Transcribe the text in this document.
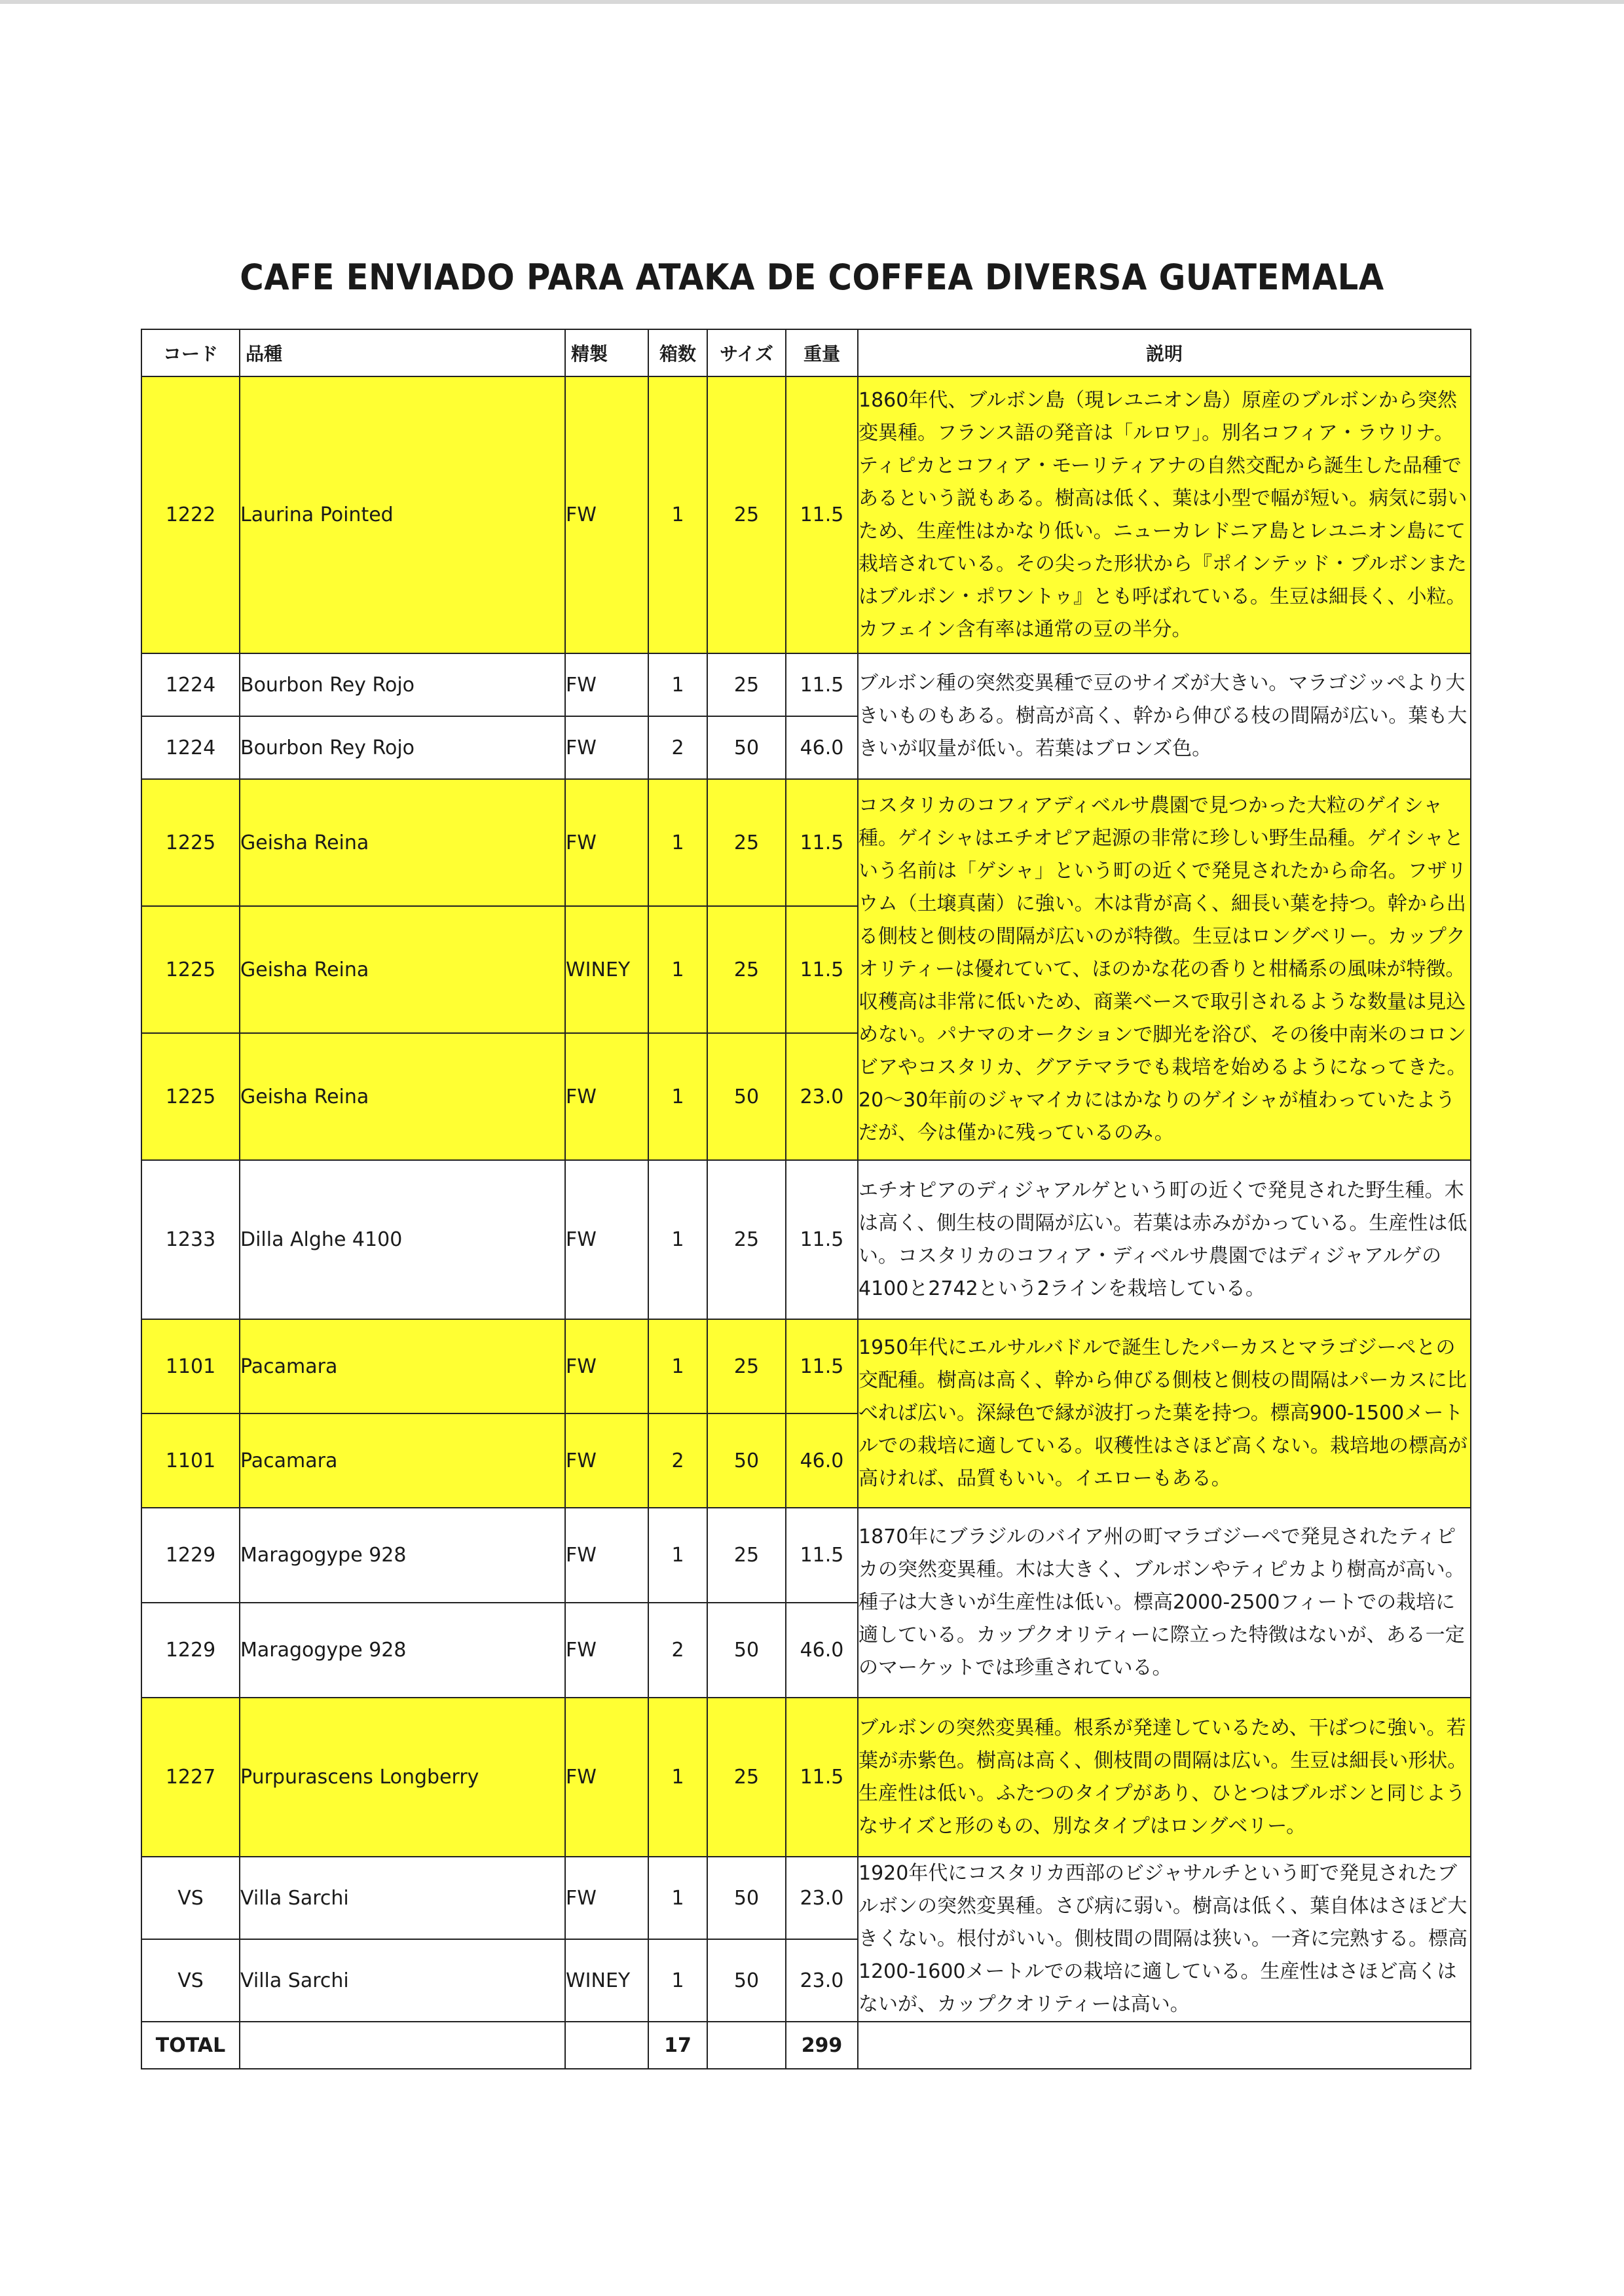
CAFE ENVIADO PARA ATAKA DE COFFEA DIVERSA GUATEMALA
コード	品種	精製	箱数	サイズ	重量	説明
1222	Laurina Pointed	FW	1	25	11.5	1860年代、ブルボン島（現レユニオン島）原産のブルボンから突然変異種。フランス語の発音は「ルロワ」。別名コフィア・ラウリナ。ティピカとコフィア・モーリティアナの自然交配から誕生した品種であるという説もある。樹高は低く、葉は小型で幅が短い。病気に弱いため、生産性はかなり低い。ニューカレドニア島とレユニオン島にて栽培されている。その尖った形状から『ポインテッド・ブルボンまたはブルボン・ポワントゥ』とも呼ばれている。生豆は細長く、小粒。カフェイン含有率は通常の豆の半分。
1224	Bourbon Rey Rojo	FW	1	25	11.5	ブルボン種の突然変異種で豆のサイズが大きい。マラゴジッペより大きいものもある。樹高が高く、幹から伸びる枝の間隔が広い。葉も大きいが収量が低い。若葉はブロンズ色。
1224	Bourbon Rey Rojo	FW	2	50	46.0	
1225	Geisha Reina	FW	1	25	11.5	コスタリカのコフィアディベルサ農園で見つかった大粒のゲイシャ種。ゲイシャはエチオピア起源の非常に珍しい野生品種。ゲイシャという名前は「ゲシャ」という町の近くで発見されたから命名。フザリウム（土壌真菌）に強い。木は背が高く、細長い葉を持つ。幹から出る側枝と側枝の間隔が広いのが特徴。生豆はロングベリー。カップクオリティーは優れていて、ほのかな花の香りと柑橘系の風味が特徴。収穫高は非常に低いため、商業ベースで取引されるような数量は見込めない。パナマのオークションで脚光を浴び、その後中南米のコロンビアやコスタリカ、グアテマラでも栽培を始めるようになってきた。20〜30年前のジャマイカにはかなりのゲイシャが植わっていたようだが、今は僅かに残っているのみ。
1225	Geisha Reina	WINEY	1	25	11.5	
1225	Geisha Reina	FW	1	50	23.0	
1233	Dilla Alghe 4100	FW	1	25	11.5	エチオピアのディジャアルゲという町の近くで発見された野生種。木は高く、側生枝の間隔が広い。若葉は赤みがかっている。生産性は低い。コスタリカのコフィア・ディベルサ農園ではディジャアルゲの4100と2742という2ラインを栽培している。
1101	Pacamara	FW	1	25	11.5	1950年代にエルサルバドルで誕生したパーカスとマラゴジーペとの交配種。樹高は高く、幹から伸びる側枝と側枝の間隔はパーカスに比べれば広い。深緑色で縁が波打った葉を持つ。標高900-1500メートルでの栽培に適している。収穫性はさほど高くない。栽培地の標高が高ければ、品質もいい。イエローもある。
1101	Pacamara	FW	2	50	46.0	
1229	Maragogype 928	FW	1	25	11.5	1870年にブラジルのバイア州の町マラゴジーペで発見されたティピカの突然変異種。木は大きく、ブルボンやティピカより樹高が高い。種子は大きいが生産性は低い。標高2000-2500フィートでの栽培に適している。カップクオリティーに際立った特徴はないが、ある一定のマーケットでは珍重されている。
1229	Maragogype 928	FW	2	50	46.0	
1227	Purpurascens Longberry	FW	1	25	11.5	ブルボンの突然変異種。根系が発達しているため、干ばつに強い。若葉が赤紫色。樹高は高く、側枝間の間隔は広い。生豆は細長い形状。生産性は低い。ふたつのタイプがあり、ひとつはブルボンと同じようなサイズと形のもの、別なタイプはロングベリー。
VS	Villa Sarchi	FW	1	50	23.0	1920年代にコスタリカ西部のビジャサルチという町で発見されたブルボンの突然変異種。さび病に弱い。樹高は低く、葉自体はさほど大きくない。根付がいい。側枝間の間隔は狭い。一斉に完熟する。標高1200-1600メートルでの栽培に適している。生産性はさほど高くはないが、カップクオリティーは高い。
VS	Villa Sarchi	WINEY	1	50	23.0	
TOTAL			17		299	
